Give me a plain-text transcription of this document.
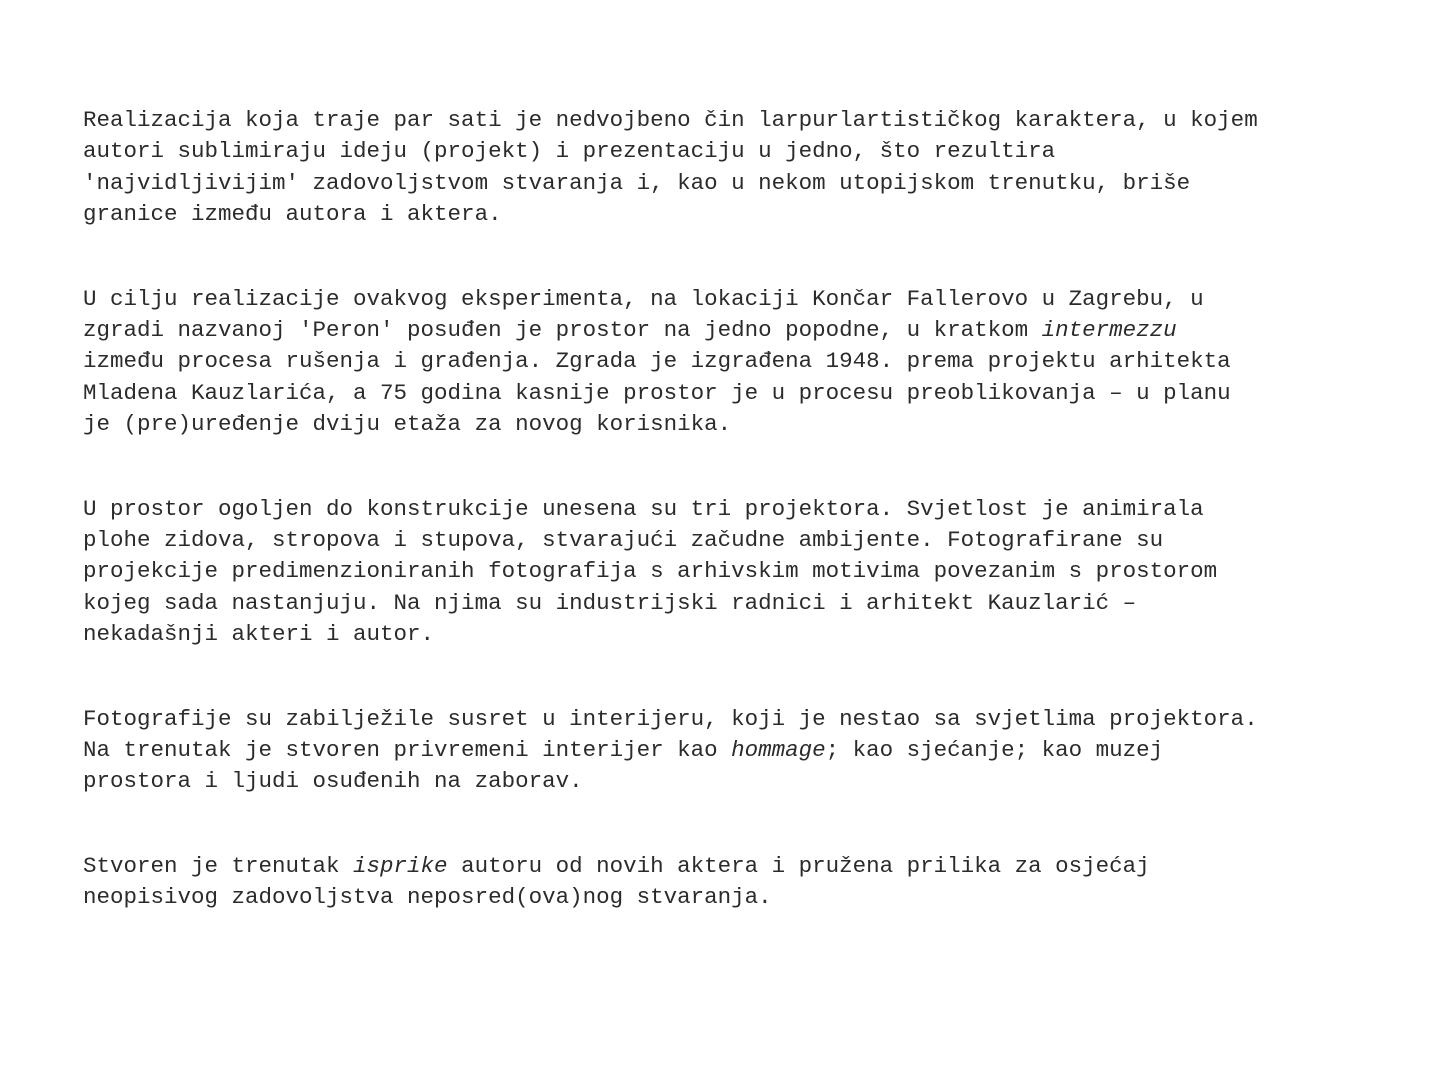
Realizacija koja traje par sati je nedvojbeno čin larpurlartističkog karaktera, u kojem
autori sublimiraju ideju (projekt) i prezentaciju u jedno, što rezultira
'najvidljivijim' zadovoljstvom stvaranja i, kao u nekom utopijskom trenutku, briše
granice između autora i aktera.
U cilju realizacije ovakvog eksperimenta, na lokaciji Končar Fallerovo u Zagrebu, u
zgradi nazvanoj 'Peron' posuđen je prostor na jedno popodne, u kratkom intermezzu
između procesa rušenja i građenja. Zgrada je izgrađena 1948. prema projektu arhitekta
Mladena Kauzlarića, a 75 godina kasnije prostor je u procesu preoblikovanja – u planu
je (pre)uređenje dviju etaža za novog korisnika.
U prostor ogoljen do konstrukcije unesena su tri projektora. Svjetlost je animirala
plohe zidova, stropova i stupova, stvarajući začudne ambijente. Fotografirane su
projekcije predimenzioniranih fotografija s arhivskim motivima povezanim s prostorom
kojeg sada nastanjuju. Na njima su industrijski radnici i arhitekt Kauzlarić –
nekadašnji akteri i autor.
Fotografije su zabilježile susret u interijeru, koji je nestao sa svjetlima projektora.
Na trenutak je stvoren privremeni interijer kao hommage; kao sjećanje; kao muzej
prostora i ljudi osuđenih na zaborav.
Stvoren je trenutak isprike autoru od novih aktera i pružena prilika za osjećaj
neopisivog zadovoljstva neposred(ova)nog stvaranja.
